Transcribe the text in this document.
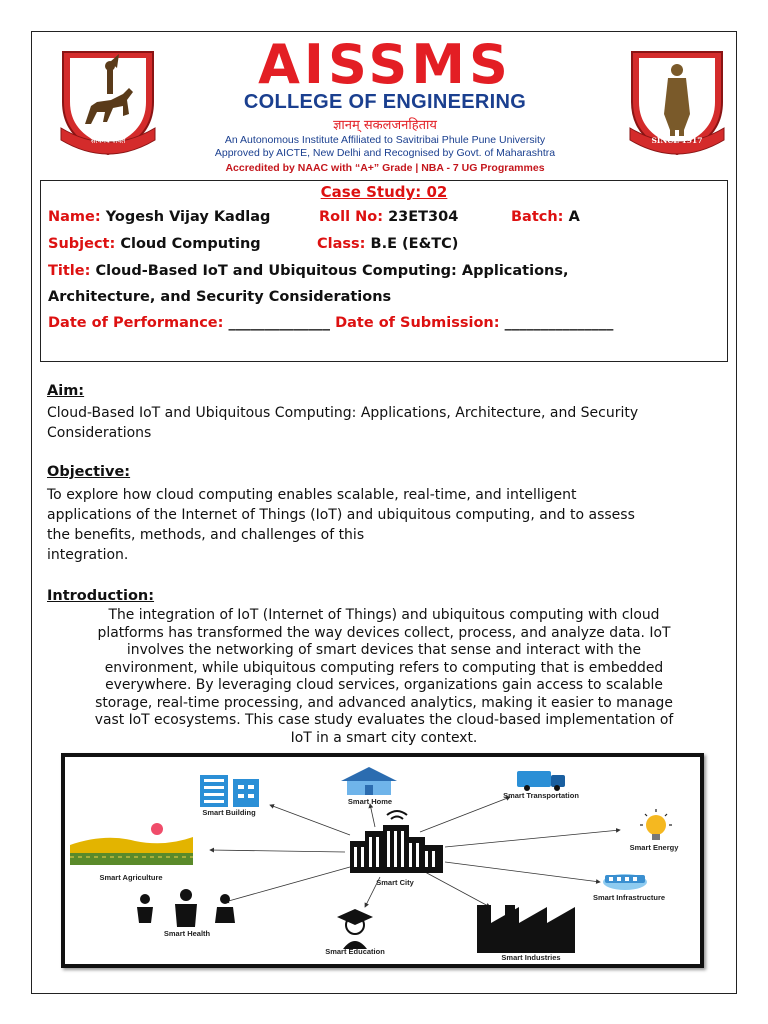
सत्यमेव जयते	SINCE 1917
AISSMS
COLLEGE OF ENGINEERING
ज्ञानम् सकलजनहिताय
An Autonomous Institute Affiliated to Savitribai Phule Pune University
Approved by AICTE, New Delhi and Recognised by Govt. of Maharashtra
Accredited by NAAC with “A+” Grade | NBA - 7 UG Programmes
Case Study: 02
Name: Yogesh Vijay Kadlag	Roll No: 23ET304	Batch: A
Subject: Cloud Computing	Class: B.E (E&TC)
Title: Cloud-Based IoT and Ubiquitous Computing: Applications,
Architecture, and Security Considerations
Date of Performance: ______________ Date of Submission: _______________
Aim:
Cloud-Based IoT and Ubiquitous Computing: Applications, Architecture, and Security Considerations
Objective:
To explore how cloud computing enables scalable, real-time, and intelligent
applications of the Internet of Things (IoT) and ubiquitous computing, and to assess
the benefits, methods, and challenges of this
integration.
Introduction:
The integration of IoT (Internet of Things) and ubiquitous computing with cloud
platforms has transformed the way devices collect, process, and analyze data. IoT
involves the networking of smart devices that sense and interact with the
environment, while ubiquitous computing refers to computing that is embedded
everywhere. By leveraging cloud services, organizations gain access to scalable
storage, real-time processing, and advanced analytics, making it easier to manage
vast IoT ecosystems. This case study evaluates the cloud-based implementation of
IoT in a smart city context.
Smart Building
Smart Home
Smart Transportation
Smart Energy
Smart Infrastructure
Smart Industries
Smart Education
Smart Health
Smart Agriculture
Smart City
